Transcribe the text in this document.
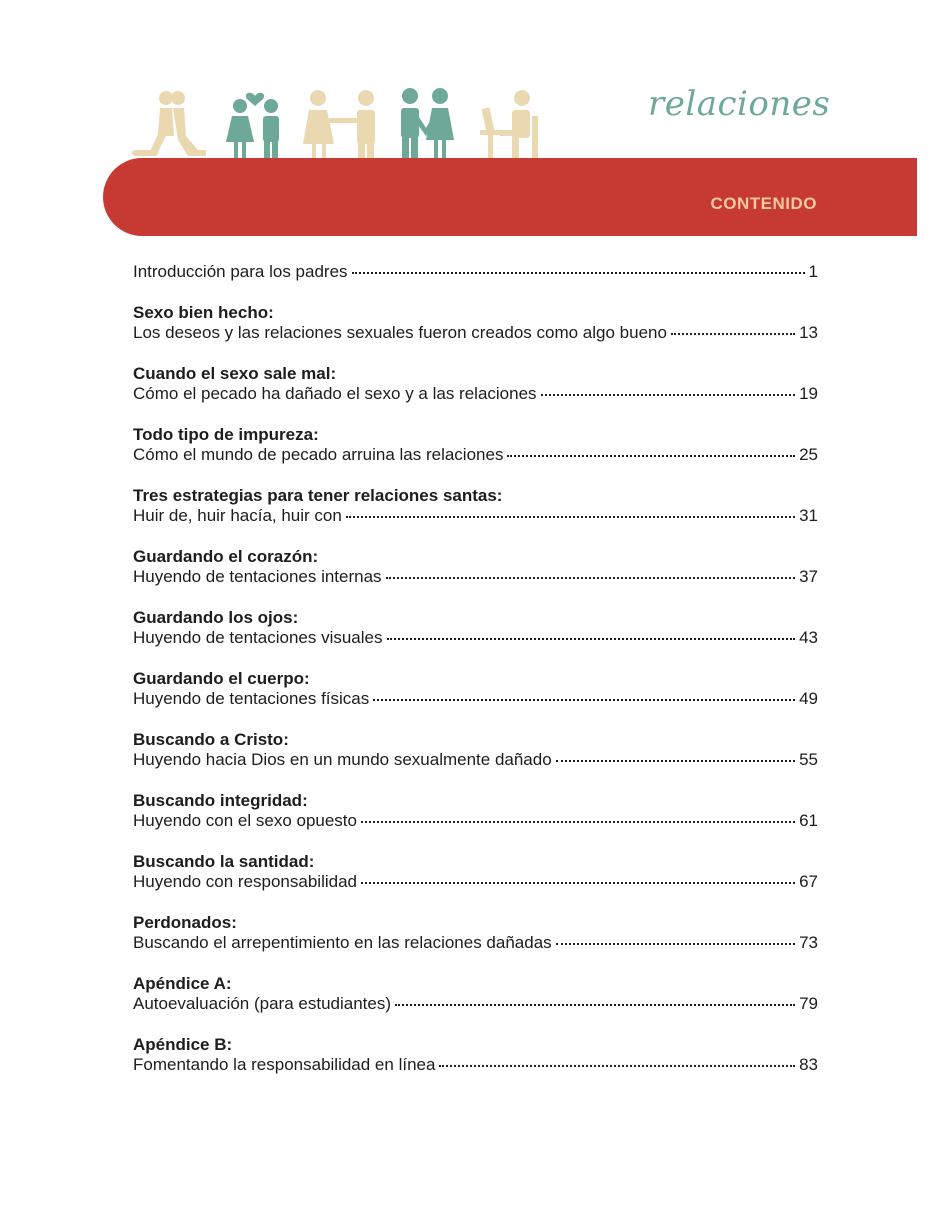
relaciones
CONTENIDO
Introducción para los padres	1
Sexo bien hecho:
Los deseos y las relaciones sexuales fueron creados como algo bueno	13
Cuando el sexo sale mal:
Cómo el pecado ha dañado el sexo y a las relaciones	19
Todo tipo de impureza:
Cómo el mundo de pecado arruina las relaciones	25
Tres estrategias para tener relaciones santas:
Huir de, huir hacía, huir con	31
Guardando el corazón:
Huyendo de tentaciones internas	37
Guardando los ojos:
Huyendo de tentaciones visuales	43
Guardando el cuerpo:
Huyendo de tentaciones físicas	49
Buscando a Cristo:
Huyendo hacia Dios en un mundo sexualmente dañado	55
Buscando integridad:
Huyendo con el sexo opuesto	61
Buscando la santidad:
Huyendo con responsabilidad	67
Perdonados:
Buscando el arrepentimiento en las relaciones dañadas	73
Apéndice A:
Autoevaluación (para estudiantes)	79
Apéndice B:
Fomentando la responsabilidad en línea	83
